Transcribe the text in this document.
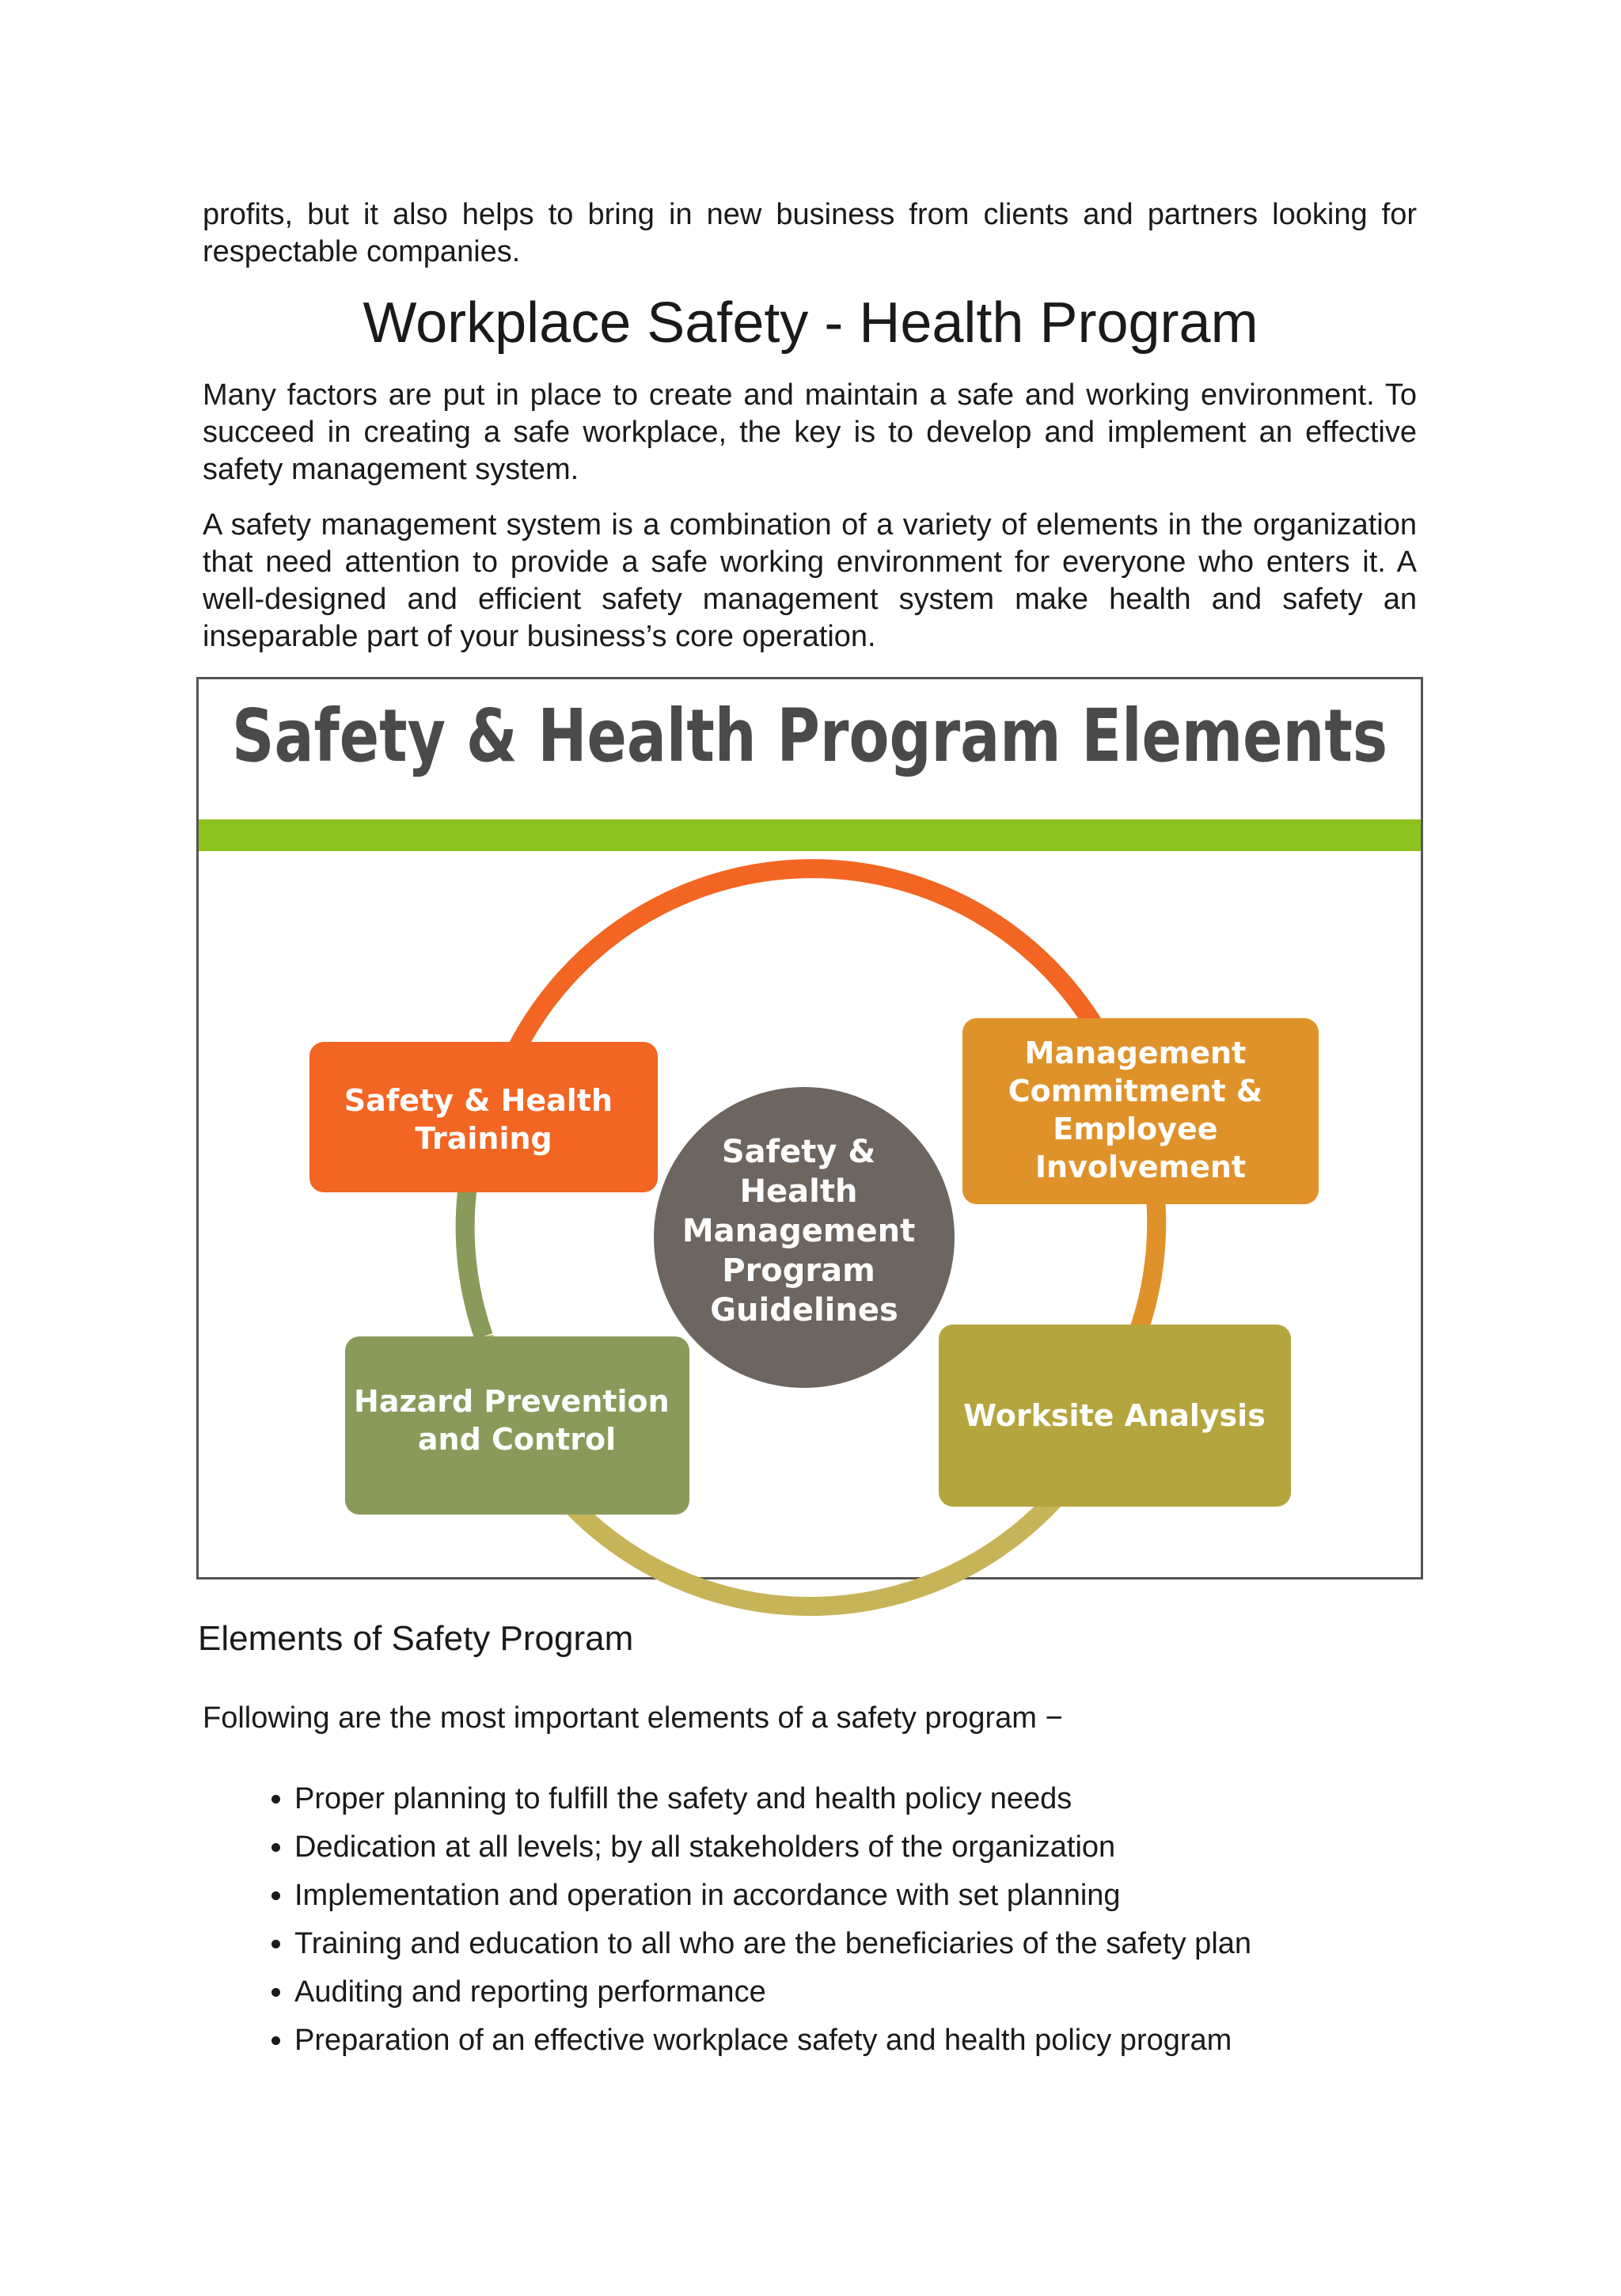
profits, but it also helps to bring in new business from clients and partners looking for respectable companies.

Workplace Safety - Health Program

Many factors are put in place to create and maintain a safe and working environment. To succeed in creating a safe workplace, the key is to develop and implement an effective safety management system.

A safety management system is a combination of a variety of elements in the organization that need attention to provide a safe working environment for everyone who enters it. A well-designed and efficient safety management system make health and safety an inseparable part of your business’s core operation.

Safety & Health Program Elements
Safety & Health Management Program Guidelines
Safety & Health Training
Management Commitment & Employee Involvement
Hazard Prevention and Control
Worksite Analysis
Elements of Safety Program

Following are the most important elements of a safety program −

• Proper planning to fulfill the safety and health policy needs
• Dedication at all levels; by all stakeholders of the organization
• Implementation and operation in accordance with set planning
• Training and education to all who are the beneficiaries of the safety plan
• Auditing and reporting performance
• Preparation of an effective workplace safety and health policy program
